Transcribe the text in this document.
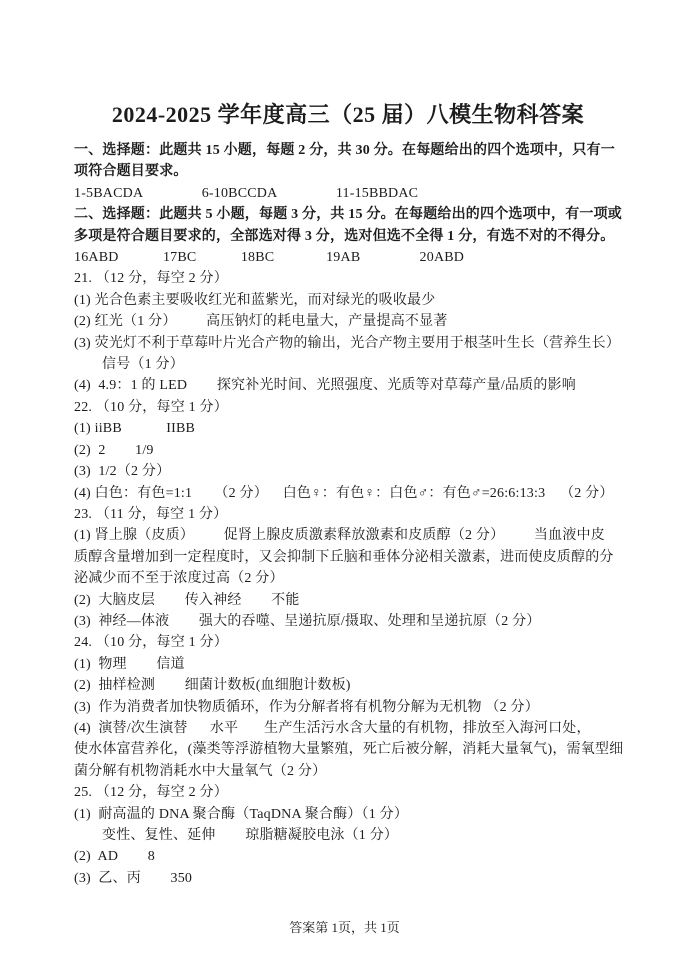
2024-2025 学年度高三（25 届）八模生物科答案
一、选择题：此题共 15 小题，每题 2 分，共 30 分。在每题给出的四个选项中，只有一
项符合题目要求。
1-5BACDA                6-10BCCDA                11-15BBDAC
二、选择题：此题共 5 小题，每题 3 分，共 15 分。在每题给出的四个选项中，有一项或
多项是符合题目要求的，全部选对得 3 分，选对但选不全得 1 分，有选不对的不得分。
16ABD            17BC            18BC              19AB                20ABD
21. （12 分，每空 2 分）
(1) 光合色素主要吸收红光和蓝紫光，而对绿光的吸收最少
(2) 红光（1 分）        高压钠灯的耗电量大，产量提高不显著
(3) 荧光灯不利于草莓叶片光合产物的输出，光合产物主要用于根茎叶生长（营养生长）
信号（1 分）
(4)  4.9：1 的 LED        探究补光时间、光照强度、光质等对草莓产量/品质的影响
22. （10 分，每空 1 分）
(1) iiBB            IIBB
(2)  2        1/9
(3)  1/2（2 分）
(4) 白色：有色=1:1      （2 分）    白色♀：有色♀：白色♂：有色♂=26:6:13:3    （2 分）
23. （11 分，每空 1 分）
(1) 肾上腺（皮质）        促肾上腺皮质激素释放激素和皮质醇（2 分）        当血液中皮
质醇含量增加到一定程度时，又会抑制下丘脑和垂体分泌相关激素，进而使皮质醇的分
泌减少而不至于浓度过高（2 分）
(2)  大脑皮层        传入神经        不能
(3)  神经—体液        强大的吞噬、呈递抗原/摄取、处理和呈递抗原（2 分）
24. （10 分，每空 1 分）
(1)  物理        信道
(2)  抽样检测        细菌计数板(血细胞计数板)
(3)  作为消费者加快物质循环，作为分解者将有机物分解为无机物 （2 分）
(4)  演替/次生演替      水平       生产生活污水含大量的有机物，排放至入海河口处，
使水体富营养化，(藻类等浮游植物大量繁殖，死亡后被分解，消耗大量氧气)，需氧型细
菌分解有机物消耗水中大量氧气（2 分）
25. （12 分，每空 2 分）
(1)  耐高温的 DNA 聚合酶（TaqDNA 聚合酶）（1 分）
变性、复性、延伸        琼脂糖凝胶电泳（1 分）
(2)  AD        8
(3)  乙、丙        350
答案第 1页，共 1页
